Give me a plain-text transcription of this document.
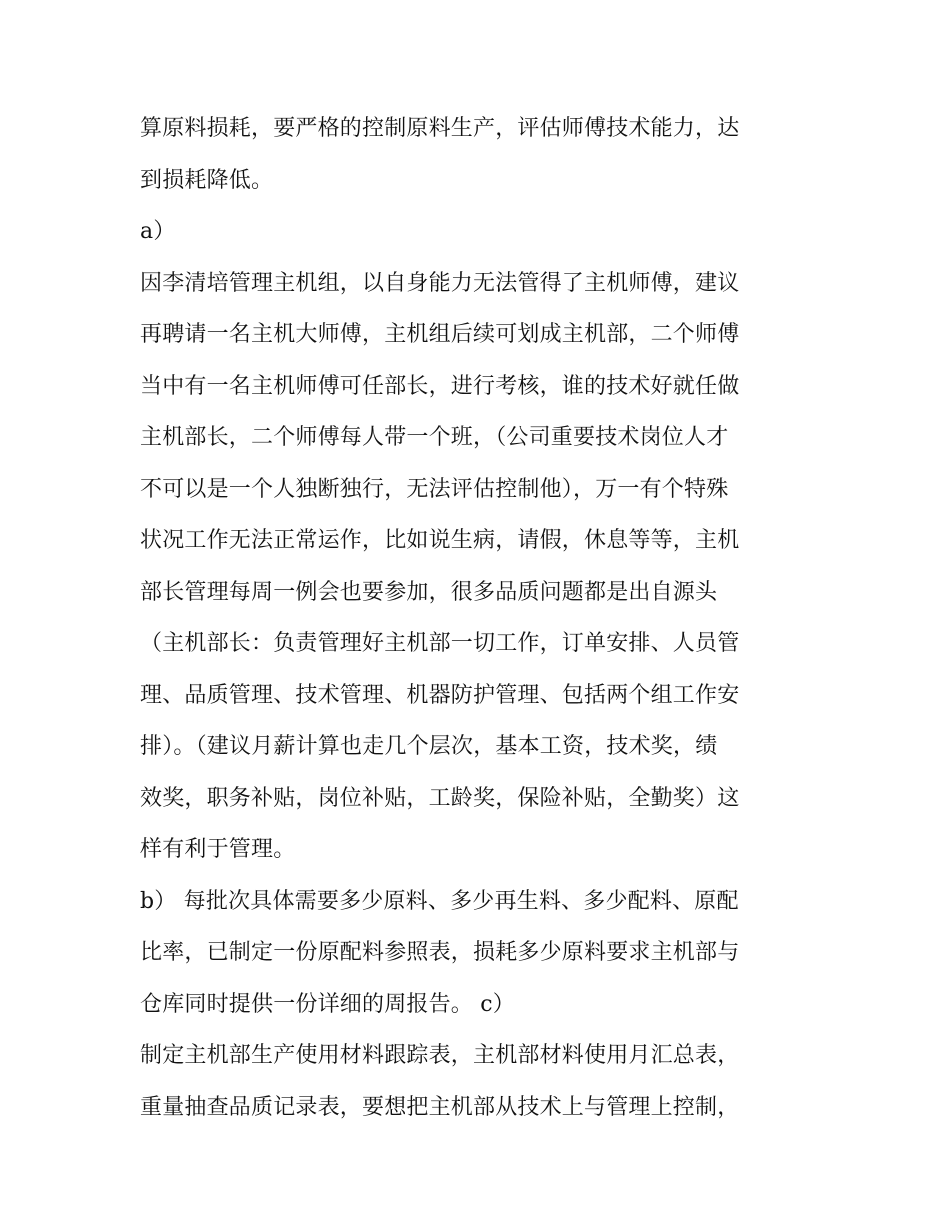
算原料损耗，要严格的控制原料生产，评估师傅技术能力，达
到损耗降低。
a）
因李清培管理主机组，以自身能力无法管得了主机师傅，建议
再聘请一名主机大师傅，主机组后续可划成主机部，二个师傅
当中有一名主机师傅可任部长，进行考核，谁的技术好就任做
主机部长，二个师傅每人带一个班，（公司重要技术岗位人才
不可以是一个人独断独行，无法评估控制他），万一有个特殊
状况工作无法正常运作，比如说生病，请假，休息等等，主机
部长管理每周一例会也要参加，很多品质问题都是出自源头
（主机部长：负责管理好主机部一切工作，订单安排、人员管
理、品质管理、技术管理、机器防护管理、包括两个组工作安
排）。（建议月薪计算也走几个层次，基本工资，技术奖，绩
效奖，职务补贴，岗位补贴，工龄奖，保险补贴，全勤奖）这
样有利于管理。
b） 每批次具体需要多少原料、多少再生料、多少配料、原配
比率，已制定一份原配料参照表，损耗多少原料要求主机部与
仓库同时提供一份详细的周报告。 c）
制定主机部生产使用材料跟踪表，主机部材料使用月汇总表，
重量抽查品质记录表，要想把主机部从技术上与管理上控制，
